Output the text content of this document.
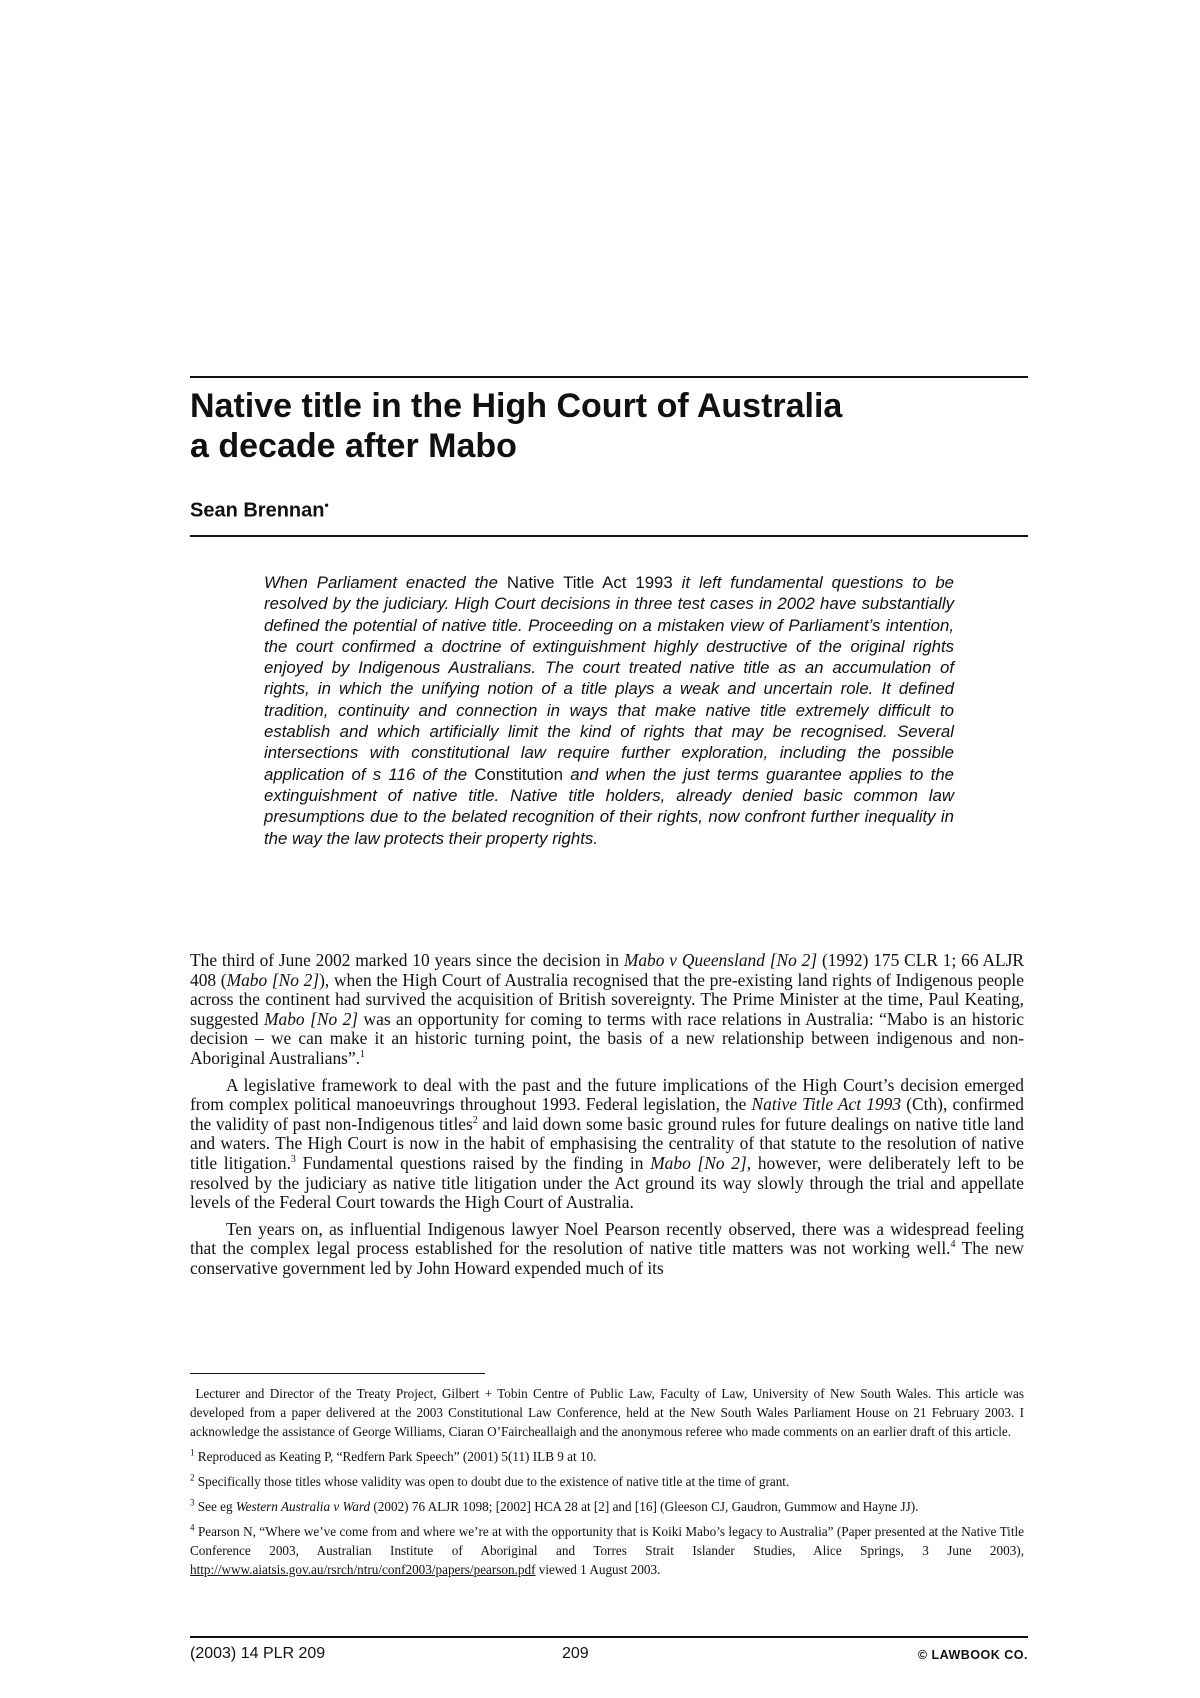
Native title in the High Court of Australia
a decade after Mabo
Sean Brennan•

When Parliament enacted the Native Title Act 1993 it left fundamental questions to be resolved by the judiciary. High Court decisions in three test cases in 2002 have substantially defined the potential of native title. Proceeding on a mistaken view of Parliament’s intention, the court confirmed a doctrine of extinguishment highly destructive of the original rights enjoyed by Indigenous Australians. The court treated native title as an accumulation of rights, in which the unifying notion of a title plays a weak and uncertain role. It defined tradition, continuity and connection in ways that make native title extremely difficult to establish and which artificially limit the kind of rights that may be recognised. Several intersections with constitutional law require further exploration, including the possible application of s 116 of the Constitution and when the just terms guarantee applies to the extinguishment of native title. Native title holders, already denied basic common law presumptions due to the belated recognition of their rights, now confront further inequality in the way the law protects their property rights.

The third of June 2002 marked 10 years since the decision in Mabo v Queensland [No 2] (1992) 175 CLR 1; 66 ALJR 408 (Mabo [No 2]), when the High Court of Australia recognised that the pre-existing land rights of Indigenous people across the continent had survived the acquisition of British sovereignty. The Prime Minister at the time, Paul Keating, suggested Mabo [No 2] was an opportunity for coming to terms with race relations in Australia: “Mabo is an historic decision – we can make it an historic turning point, the basis of a new relationship between indigenous and non-Aboriginal Australians”.$^1$

A legislative framework to deal with the past and the future implications of the High Court’s decision emerged from complex political manoeuvrings throughout 1993. Federal legislation, the Native Title Act 1993 (Cth), confirmed the validity of past non-Indigenous titles$^2$ and laid down some basic ground rules for future dealings on native title land and waters. The High Court is now in the habit of emphasising the centrality of that statute to the resolution of native title litigation.$^3$ Fundamental questions raised by the finding in Mabo [No 2], however, were deliberately left to be resolved by the judiciary as native title litigation under the Act ground its way slowly through the trial and appellate levels of the Federal Court towards the High Court of Australia.

Ten years on, as influential Indigenous lawyer Noel Pearson recently observed, there was a widespread feeling that the complex legal process established for the resolution of native title matters was not working well.$^4$ The new conservative government led by John Howard expended much of its

Lecturer and Director of the Treaty Project, Gilbert + Tobin Centre of Public Law, Faculty of Law, University of New South Wales. This article was developed from a paper delivered at the 2003 Constitutional Law Conference, held at the New South Wales Parliament House on 21 February 2003. I acknowledge the assistance of George Williams, Ciaran O’Faircheallaigh and the anonymous referee who made comments on an earlier draft of this article.

$^1$ Reproduced as Keating P, “Redfern Park Speech” (2001) 5(11) ILB 9 at 10.

$^2$ Specifically those titles whose validity was open to doubt due to the existence of native title at the time of grant.

$^3$ See eg Western Australia v Ward (2002) 76 ALJR 1098; [2002] HCA 28 at [2] and [16] (Gleeson CJ, Gaudron, Gummow and Hayne JJ).

$^4$ Pearson N, “Where we’ve come from and where we’re at with the opportunity that is Koiki Mabo’s legacy to Australia” (Paper presented at the Native Title Conference 2003, Australian Institute of Aboriginal and Torres Strait Islander Studies, Alice Springs, 3 June 2003), http://www.aiatsis.gov.au/rsrch/ntru/conf2003/papers/pearson.pdf viewed 1 August 2003.

(2003) 14 PLR 209	209	© LAWBOOK CO.
